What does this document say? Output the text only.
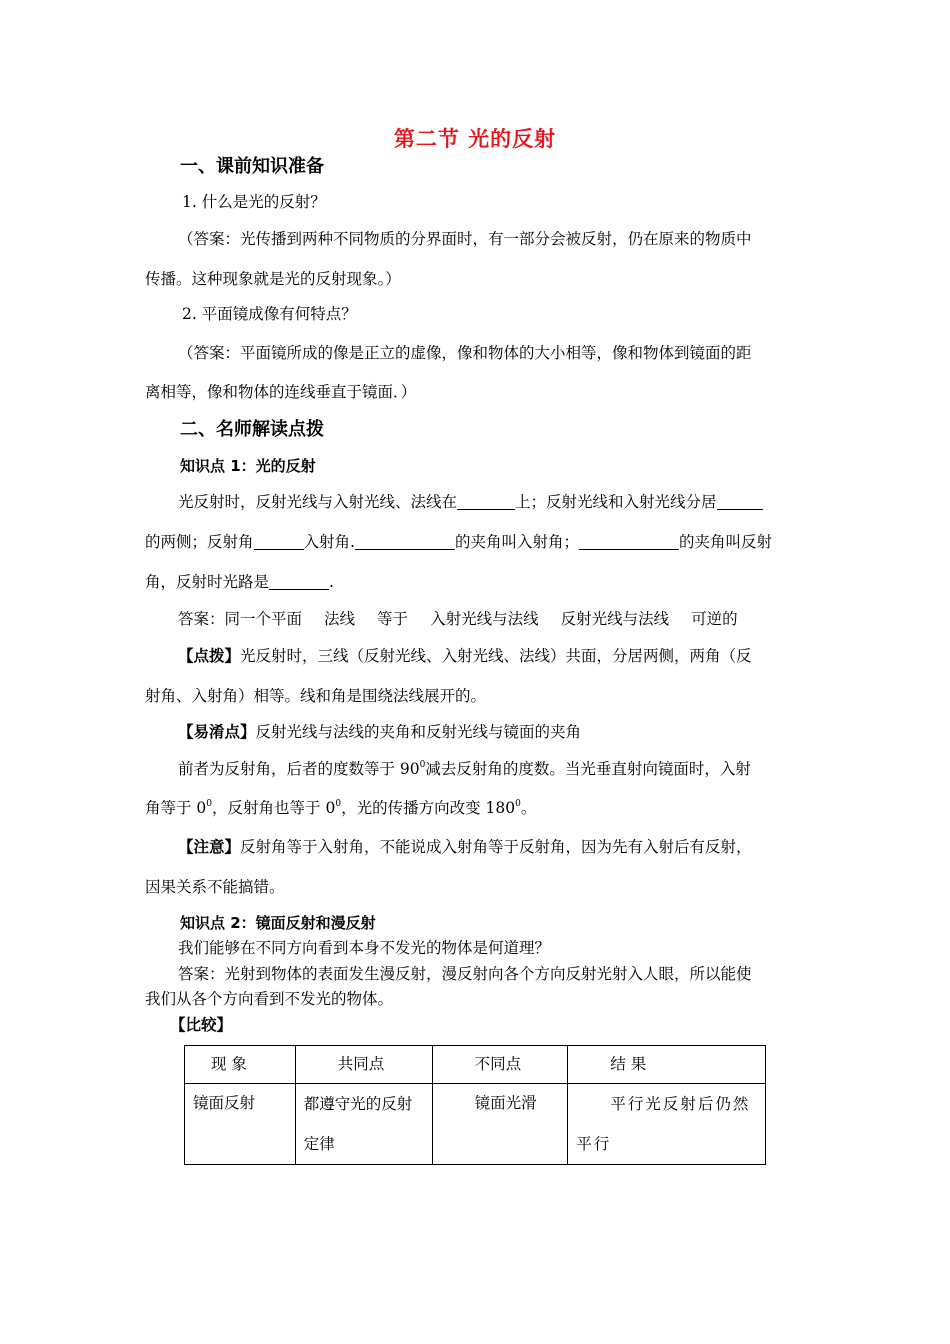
第二节 光的反射
一、课前知识准备
1. 什么是光的反射？
（答案：光传播到两种不同物质的分界面时，有一部分会被反射，仍在原来的物质中
传播。这种现象就是光的反射现象。）
2. 平面镜成像有何特点？
（答案：平面镜所成的像是正立的虚像，像和物体的大小相等，像和物体到镜面的距
离相等，像和物体的连线垂直于镜面．）
二、名师解读点拨
知识点 1：光的反射
光反射时，反射光线与入射光线、法线在	上；反射光线和入射光线分居
的两侧；反射角	入射角.	的夹角叫入射角；	的夹角叫反射
角，反射时光路是	.
答案：同一个平面 法线 等于 入射光线与法线 反射光线与法线 可逆的
【点拨】光反射时，三线（反射光线、入射光线、法线）共面，分居两侧，两角（反
射角、入射角）相等。线和角是围绕法线展开的。
【易淆点】反射光线与法线的夹角和反射光线与镜面的夹角
前者为反射角，后者的度数等于 $90^0$减去反射角的度数。当光垂直射向镜面时，入射
角等于 $0^0$，反射角也等于 $0^0$，光的传播方向改变 $180^0$。
【注意】反射角等于入射角，不能说成入射角等于反射角，因为先有入射后有反射，
因果关系不能搞错。
知识点 2：镜面反射和漫反射
我们能够在不同方向看到本身不发光的物体是何道理？
答案：光射到物体的表面发生漫反射，漫反射向各个方向反射光射入人眼，所以能使
我们从各个方向看到不发光的物体。
【比较】
现 象	共同点	不同点	结 果

镜面反射	都遵守光的反射定律	镜面光滑	平行光反射后仍然平行
